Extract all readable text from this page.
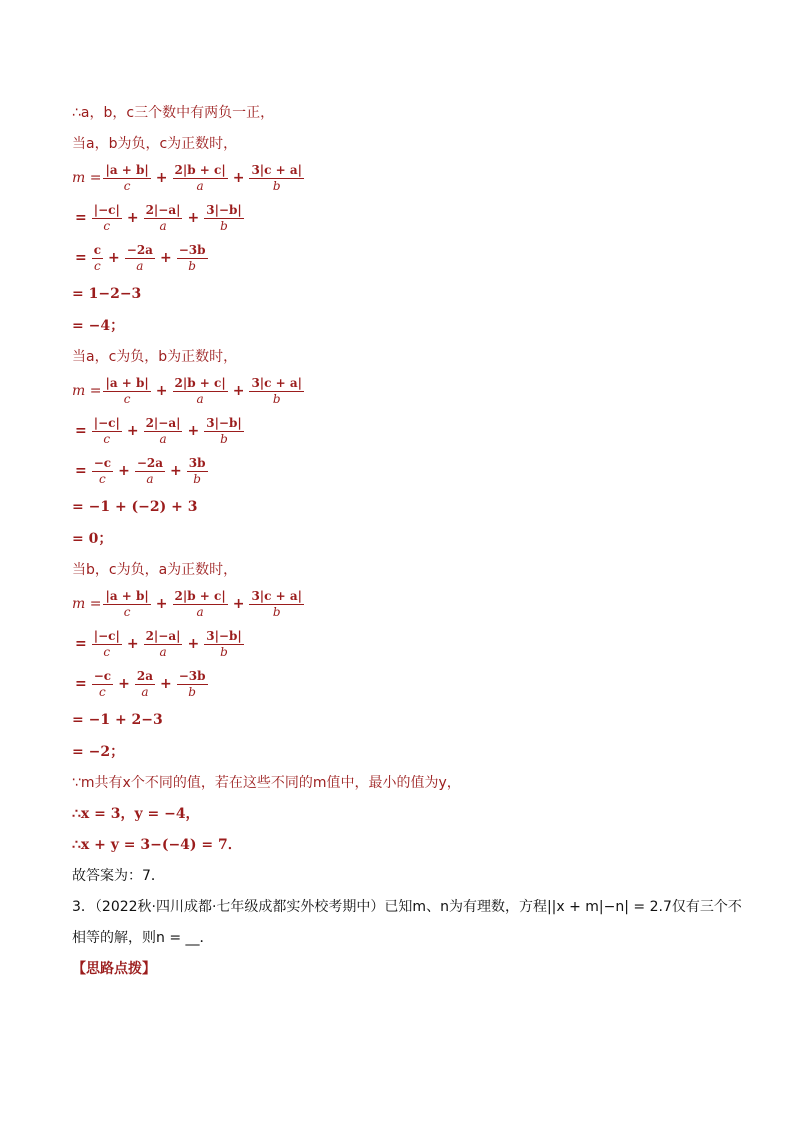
∴a，b，c三个数中有两负一正，
当a，b为负，c为正数时，
$m = \frac{|a + b|}{c} + \frac{2|b + c|}{a} + \frac{3|c + a|}{b}$
= $\frac{|-c|}{c} + \frac{2|-a|}{a} + \frac{3|-b|}{b}$
= $\frac{c}{c} + \frac{-2a}{a} + \frac{-3b}{b}$
= 1−2−3
= −4；
当a，c为负，b为正数时，
$m = \frac{|a + b|}{c} + \frac{2|b + c|}{a} + \frac{3|c + a|}{b}$
= $\frac{|-c|}{c} + \frac{2|-a|}{a} + \frac{3|-b|}{b}$
= $\frac{-c}{c} + \frac{-2a}{a} + \frac{3b}{b}$
= −1 + (−2) + 3
= 0；
当b，c为负，a为正数时，
$m = \frac{|a + b|}{c} + \frac{2|b + c|}{a} + \frac{3|c + a|}{b}$
= $\frac{|-c|}{c} + \frac{2|-a|}{a} + \frac{3|-b|}{b}$
= $\frac{-c}{c} + \frac{2a}{a} + \frac{-3b}{b}$
= −1 + 2−3
= −2；
∵m共有x个不同的值，若在这些不同的m值中，最小的值为y，
∴x = 3，y = −4，
∴x + y = 3−(−4) = 7．
故答案为：7．
3．（2022秋·四川成都·七年级成都实外校考期中）已知m、n为有理数，方程||x + m|−n| = 2.7仅有三个不
相等的解，则n = __．
【思路点拨】
